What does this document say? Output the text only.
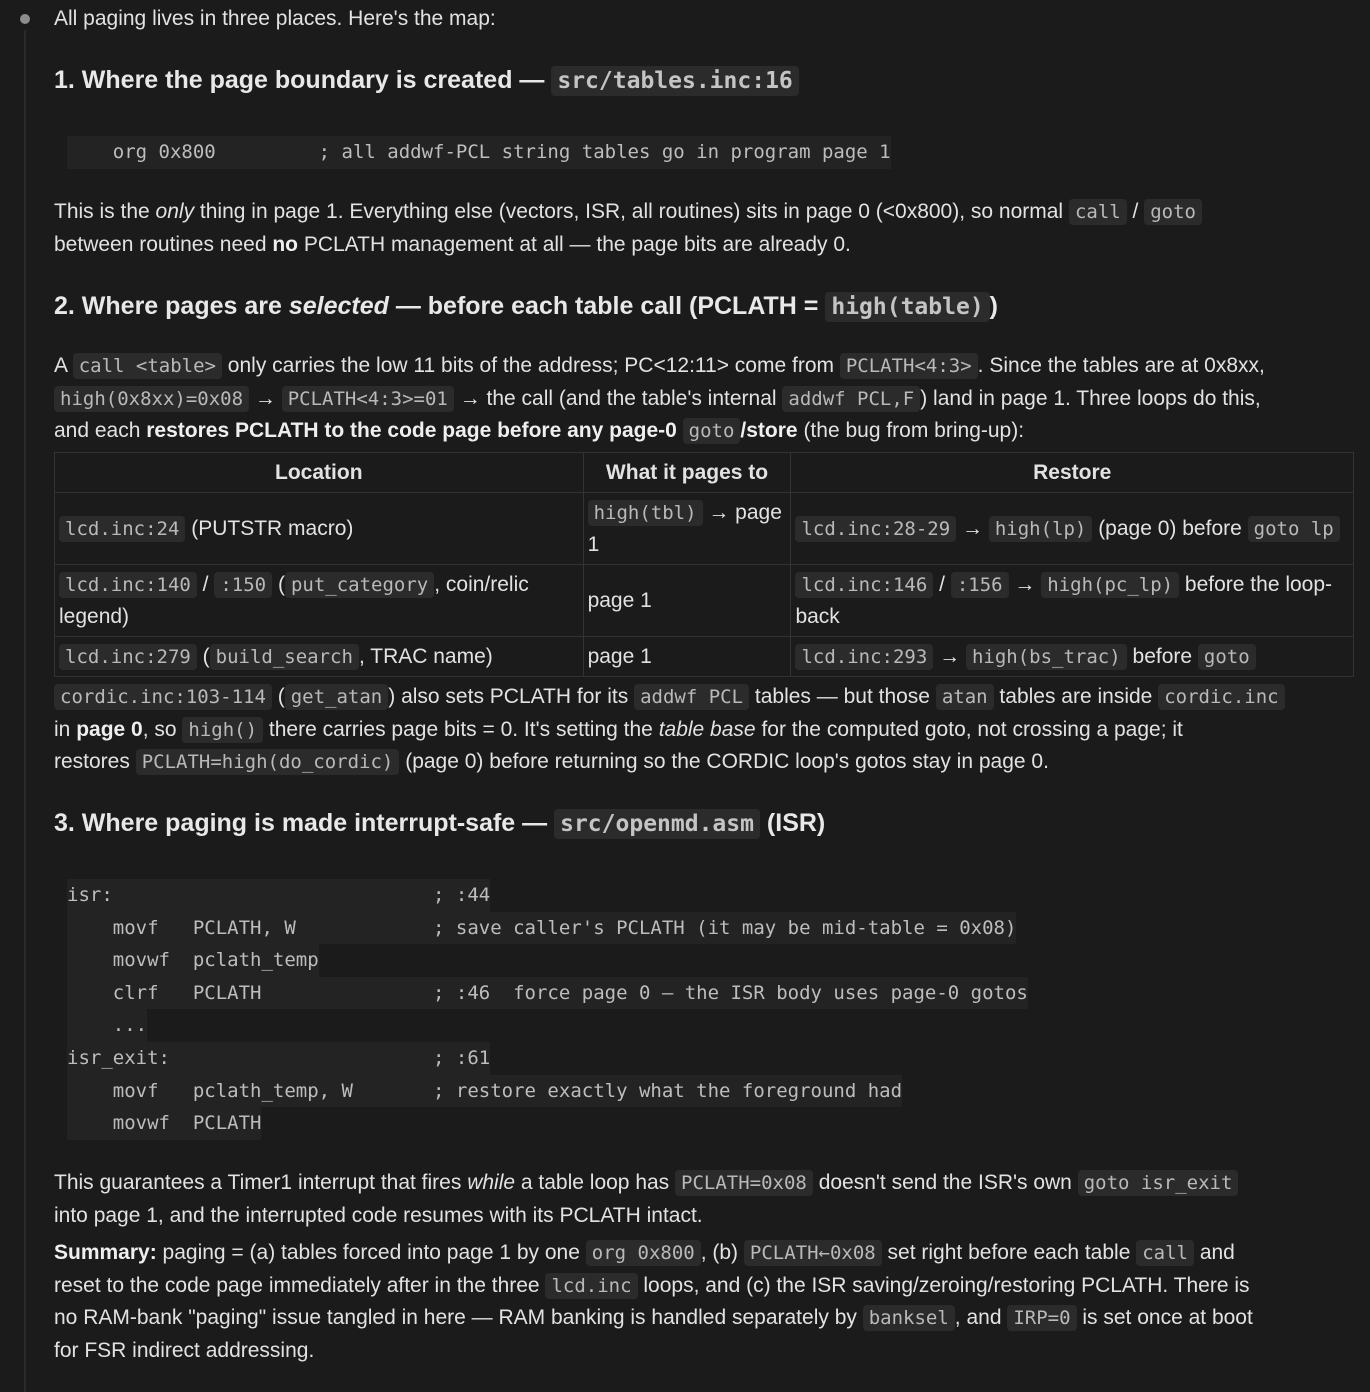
All paging lives in three places. Here's the map:

1. Where the page boundary is created — src/tables.inc:16
org 0x800         ; all addwf-PCL string tables go in program page 1

This is the only thing in page 1. Everything else (vectors, ISR, all routines) sits in page 0 (<0x800), so normal call / goto
between routines need no PCLATH management at all — the page bits are already 0.

2. Where pages are selected — before each table call (PCLATH = high(table) )

A call <table> only carries the low 11 bits of the address; PC<12:11> come from PCLATH<4:3> . Since the tables are at 0x8xx,
high(0x8xx)=0x08 → PCLATH<4:3>=01 → the call (and the table's internal addwf PCL,F ) land in page 1. Three loops do this,
and each restores PCLATH to the code page before any page-0 goto /store (the bug from bring-up):

Location	What it pages to	Restore
lcd.inc:24 (PUTSTR macro)	high(tbl) → page 1	lcd.inc:28-29 → high(lp) (page 0) before goto lp
lcd.inc:140 / :150 ( put_category , coin/relic legend)	page 1	lcd.inc:146 / :156 → high(pc_lp) before the loop-back
lcd.inc:279 ( build_search , TRAC name)	page 1	lcd.inc:293 → high(bs_trac) before goto

cordic.inc:103-114 ( get_atan ) also sets PCLATH for its addwf PCL tables — but those atan tables are inside cordic.inc
in page 0, so high() there carries page bits = 0. It's setting the table base for the computed goto, not crossing a page; it
restores PCLATH=high(do_cordic) (page 0) before returning so the CORDIC loop's gotos stay in page 0.

3. Where paging is made interrupt-safe — src/openmd.asm (ISR)
isr:                            ; :44
movf   PCLATH, W            ; save caller's PCLATH (it may be mid-table = 0x08)
movwf  pclath_temp
clrf   PCLATH               ; :46  force page 0 — the ISR body uses page-0 gotos
...
isr_exit:                       ; :61
movf   pclath_temp, W       ; restore exactly what the foreground had
movwf  PCLATH

This guarantees a Timer1 interrupt that fires while a table loop has PCLATH=0x08 doesn't send the ISR's own goto isr_exit
into page 1, and the interrupted code resumes with its PCLATH intact.

Summary: paging = (a) tables forced into page 1 by one org 0x800 , (b) PCLATH←0x08 set right before each table call and
reset to the code page immediately after in the three lcd.inc loops, and (c) the ISR saving/zeroing/restoring PCLATH. There is
no RAM-bank "paging" issue tangled in here — RAM banking is handled separately by banksel , and IRP=0 is set once at boot
for FSR indirect addressing.
